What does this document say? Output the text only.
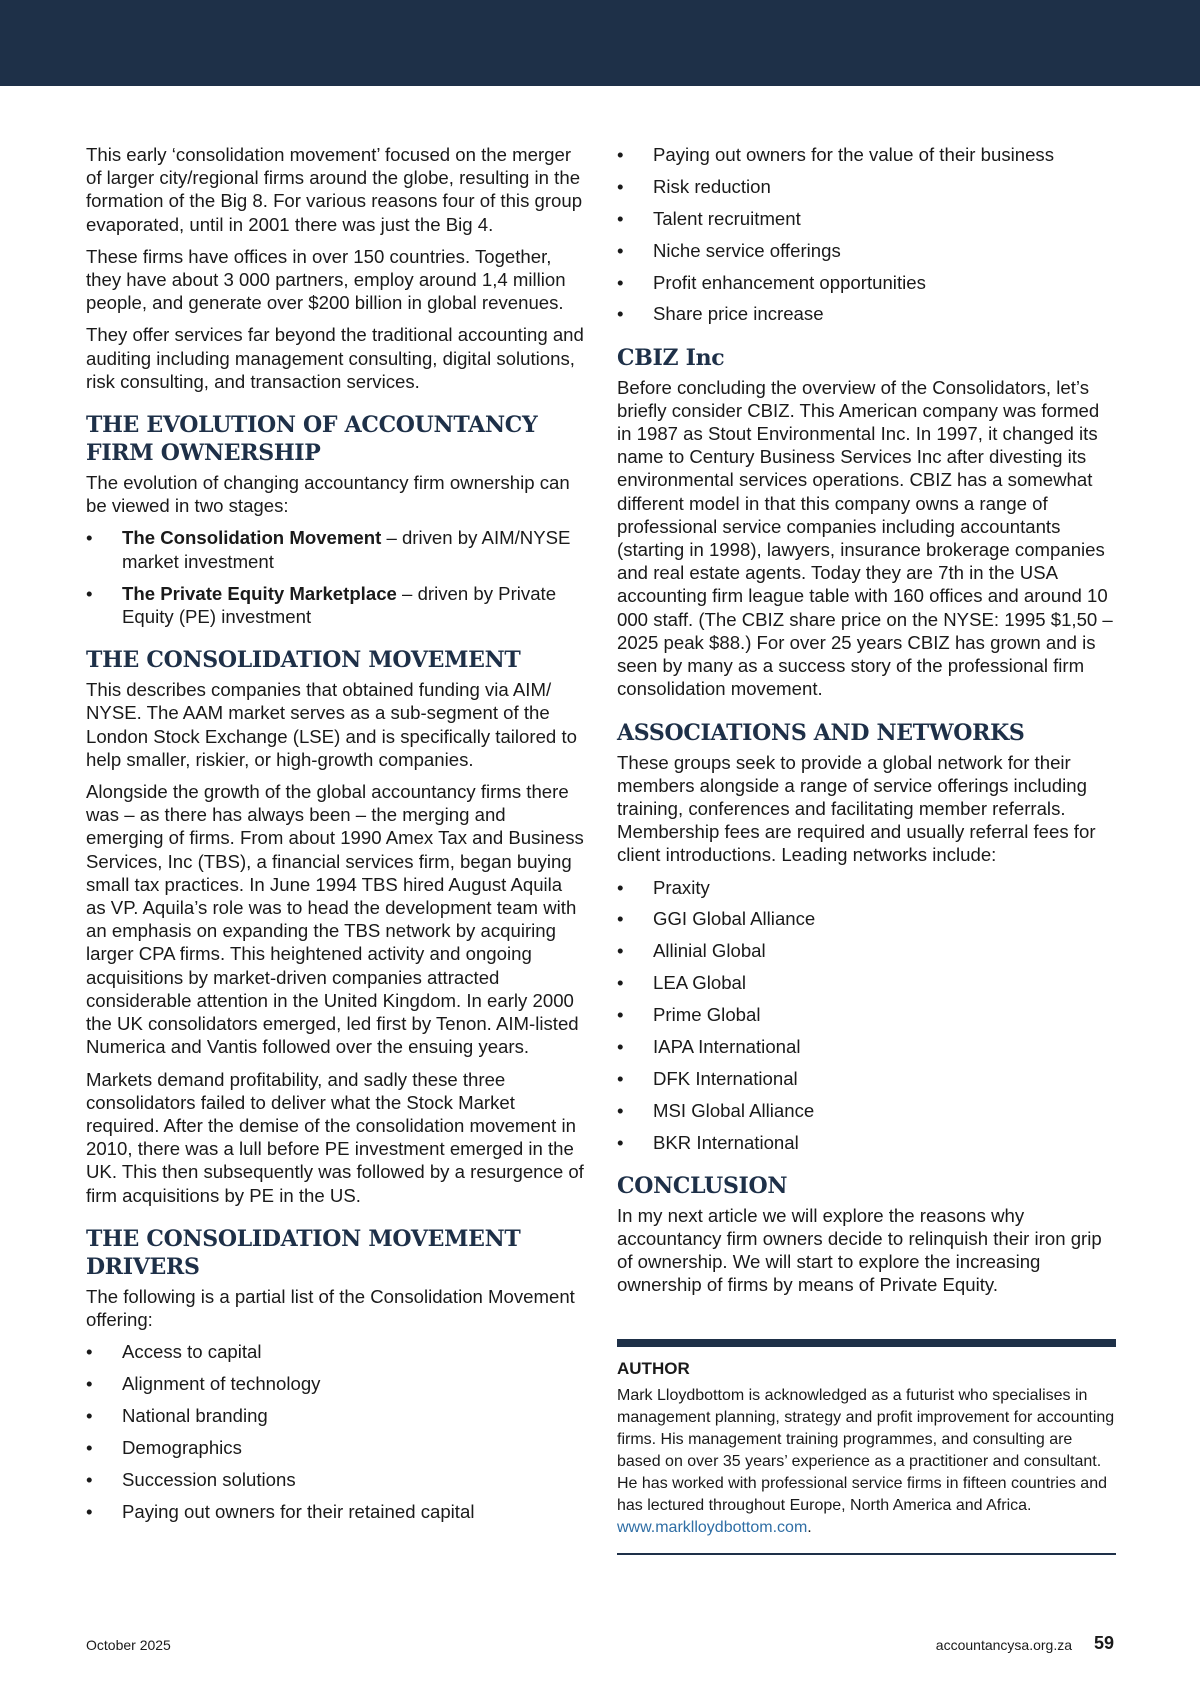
This early ‘consolidation movement’ focused on the merger of larger city/regional firms around the globe, resulting in the formation of the Big 8. For various reasons four of this group evaporated, until in 2001 there was just the Big 4.

These firms have offices in over 150 countries. Together, they have about 3 000 partners, employ around 1,4 million people, and generate over $200 billion in global revenues.

They offer services far beyond the traditional accounting and auditing including management consulting, digital solutions, risk consulting, and transaction services.

THE EVOLUTION OF ACCOUNTANCY FIRM OWNERSHIP

The evolution of changing accountancy firm ownership can be viewed in two stages:

• The Consolidation Movement – driven by AIM/NYSE market investment
• The Private Equity Marketplace – driven by Private Equity (PE) investment
THE CONSOLIDATION MOVEMENT

This describes companies that obtained funding via AIM/ NYSE. The AAM market serves as a sub-segment of the London Stock Exchange (LSE) and is specifically tailored to help smaller, riskier, or high-growth companies.

Alongside the growth of the global accountancy firms there was – as there has always been – the merging and emerging of firms. From about 1990 Amex Tax and Business Services, Inc (TBS), a financial services firm, began buying small tax practices. In June 1994 TBS hired August Aquila as VP. Aquila’s role was to head the development team with an emphasis on expanding the TBS network by acquiring larger CPA firms. This heightened activity and ongoing acquisitions by market-driven companies attracted considerable attention in the United Kingdom. In early 2000 the UK consolidators emerged, led first by Tenon. AIM-listed Numerica and Vantis followed over the ensuing years.

Markets demand profitability, and sadly these three consolidators failed to deliver what the Stock Market required. After the demise of the consolidation movement in 2010, there was a lull before PE investment emerged in the UK. This then subsequently was followed by a resurgence of firm acquisitions by PE in the US.

THE CONSOLIDATION MOVEMENT DRIVERS

The following is a partial list of the Consolidation Movement offering:

• Access to capital
• Alignment of technology
• National branding
• Demographics
• Succession solutions
• Paying out owners for their retained capital
• Paying out owners for the value of their business
• Risk reduction
• Talent recruitment
• Niche service offerings
• Profit enhancement opportunities
• Share price increase
CBIZ Inc

Before concluding the overview of the Consolidators, let’s briefly consider CBIZ. This American company was formed in 1987 as Stout Environmental Inc. In 1997, it changed its name to Century Business Services Inc after divesting its environmental services operations. CBIZ has a somewhat different model in that this company owns a range of professional service companies including accountants (starting in 1998), lawyers, insurance brokerage companies and real estate agents. Today they are 7th in the USA accounting firm league table with 160 offices and around 10 000 staff. (The CBIZ share price on the NYSE: 1995 $1,50 – 2025 peak $88.) For over 25 years CBIZ has grown and is seen by many as a success story of the professional firm consolidation movement.

ASSOCIATIONS AND NETWORKS

These groups seek to provide a global network for their members alongside a range of service offerings including training, conferences and facilitating member referrals. Membership fees are required and usually referral fees for client introductions. Leading networks include:

• Praxity
• GGI Global Alliance
• Allinial Global
• LEA Global
• Prime Global
• IAPA International
• DFK International
• MSI Global Alliance
• BKR International
CONCLUSION

In my next article we will explore the reasons why accountancy firm owners decide to relinquish their iron grip of ownership. We will start to explore the increasing ownership of firms by means of Private Equity.

AUTHOR

Mark Lloydbottom is acknowledged as a futurist who specialises in management planning, strategy and profit improvement for accounting firms. His management training programmes, and consulting are based on over 35 years’ experience as a practitioner and consultant. He has worked with professional service firms in fifteen countries and has lectured throughout Europe, North America and Africa.
www.marklloydbottom.com.

October 2025	accountancysa.org.za 59
